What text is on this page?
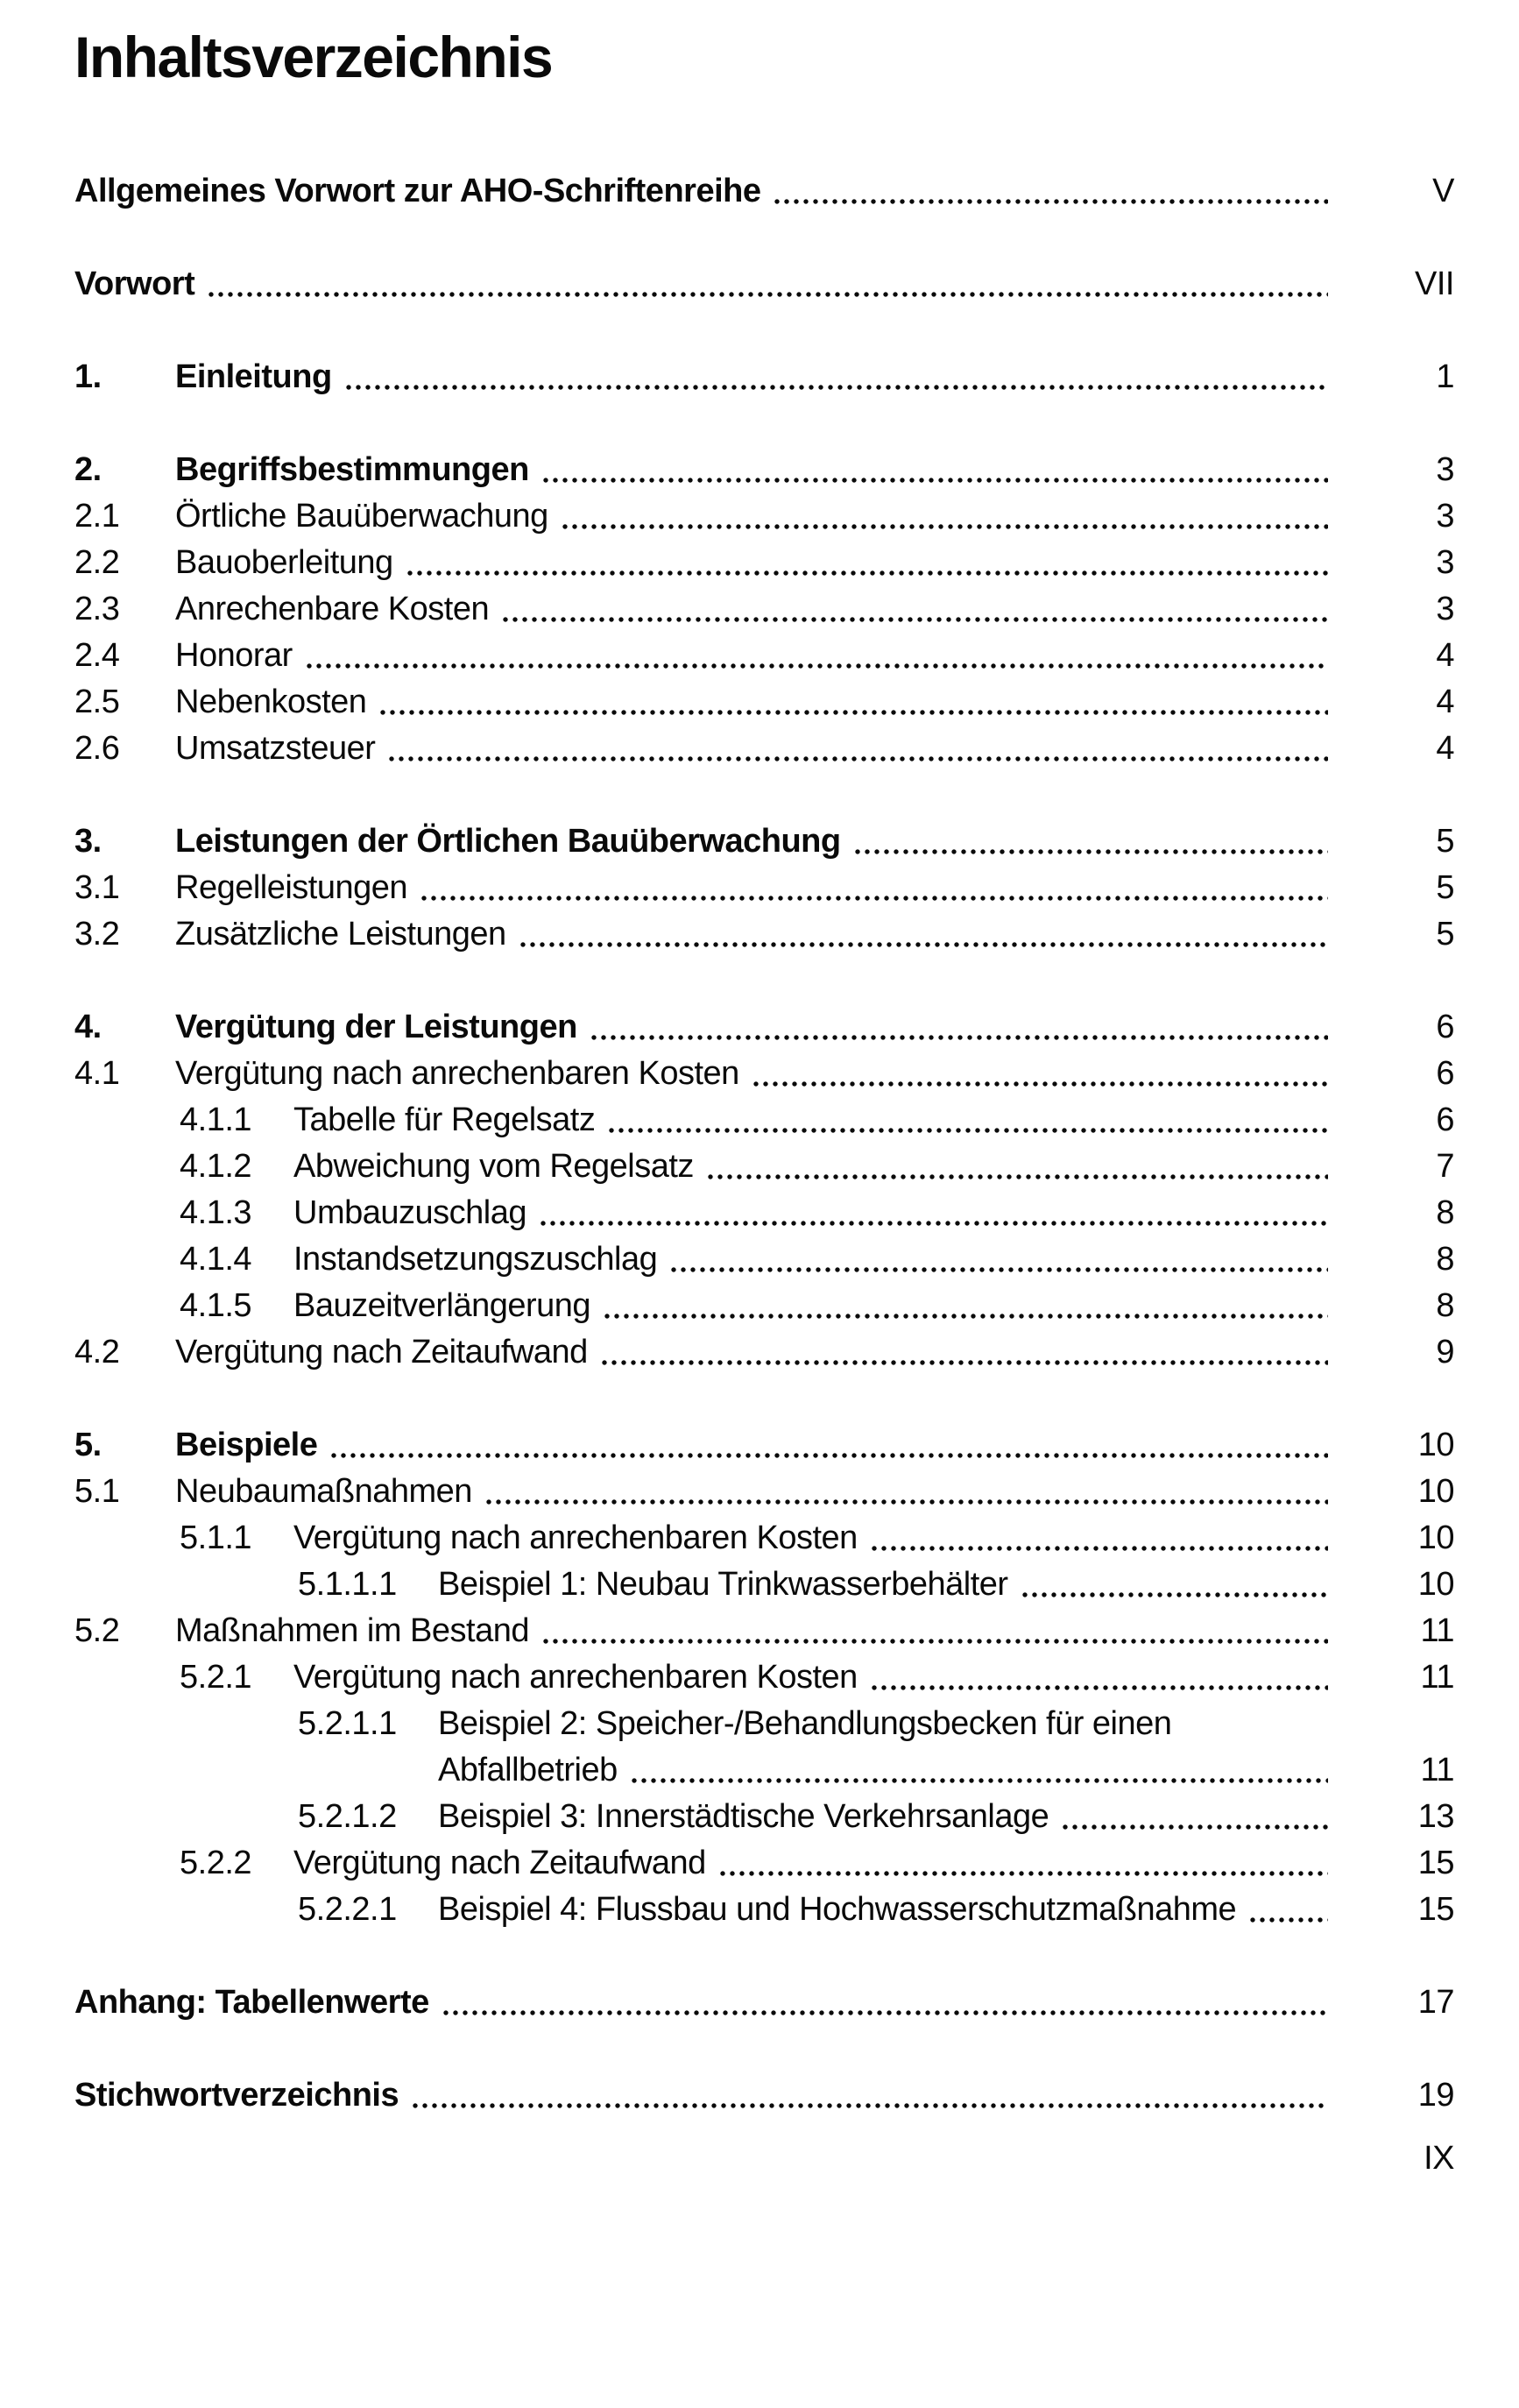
Inhaltsverzeichnis
Allgemeines Vorwort zur AHO-Schriftenreihe	V
Vorwort	VII
1.	Einleitung	1
2.	Begriffsbestimmungen	3
2.1	Örtliche Bauüberwachung	3
2.2	Bauoberleitung	3
2.3	Anrechenbare Kosten	3
2.4	Honorar	4
2.5	Nebenkosten	4
2.6	Umsatzsteuer	4
3.	Leistungen der Örtlichen Bauüberwachung	5
3.1	Regelleistungen	5
3.2	Zusätzliche Leistungen	5
4.	Vergütung der Leistungen	6
4.1	Vergütung nach anrechenbaren Kosten	6
4.1.1	Tabelle für Regelsatz	6
4.1.2	Abweichung vom Regelsatz	7
4.1.3	Umbauzuschlag	8
4.1.4	Instandsetzungszuschlag	8
4.1.5	Bauzeitverlängerung	8
4.2	Vergütung nach Zeitaufwand	9
5.	Beispiele	10
5.1	Neubaumaßnahmen	10
5.1.1	Vergütung nach anrechenbaren Kosten	10
5.1.1.1	Beispiel 1: Neubau Trinkwasserbehälter	10
5.2	Maßnahmen im Bestand	11
5.2.1	Vergütung nach anrechenbaren Kosten	11
5.2.1.1	Beispiel 2: Speicher-/Behandlungsbecken für einen
Abfallbetrieb	11
5.2.1.2	Beispiel 3: Innerstädtische Verkehrsanlage	13
5.2.2	Vergütung nach Zeitaufwand	15
5.2.2.1	Beispiel 4: Flussbau und Hochwasserschutzmaßnahme	15
Anhang: Tabellenwerte	17
Stichwortverzeichnis	19
IX
